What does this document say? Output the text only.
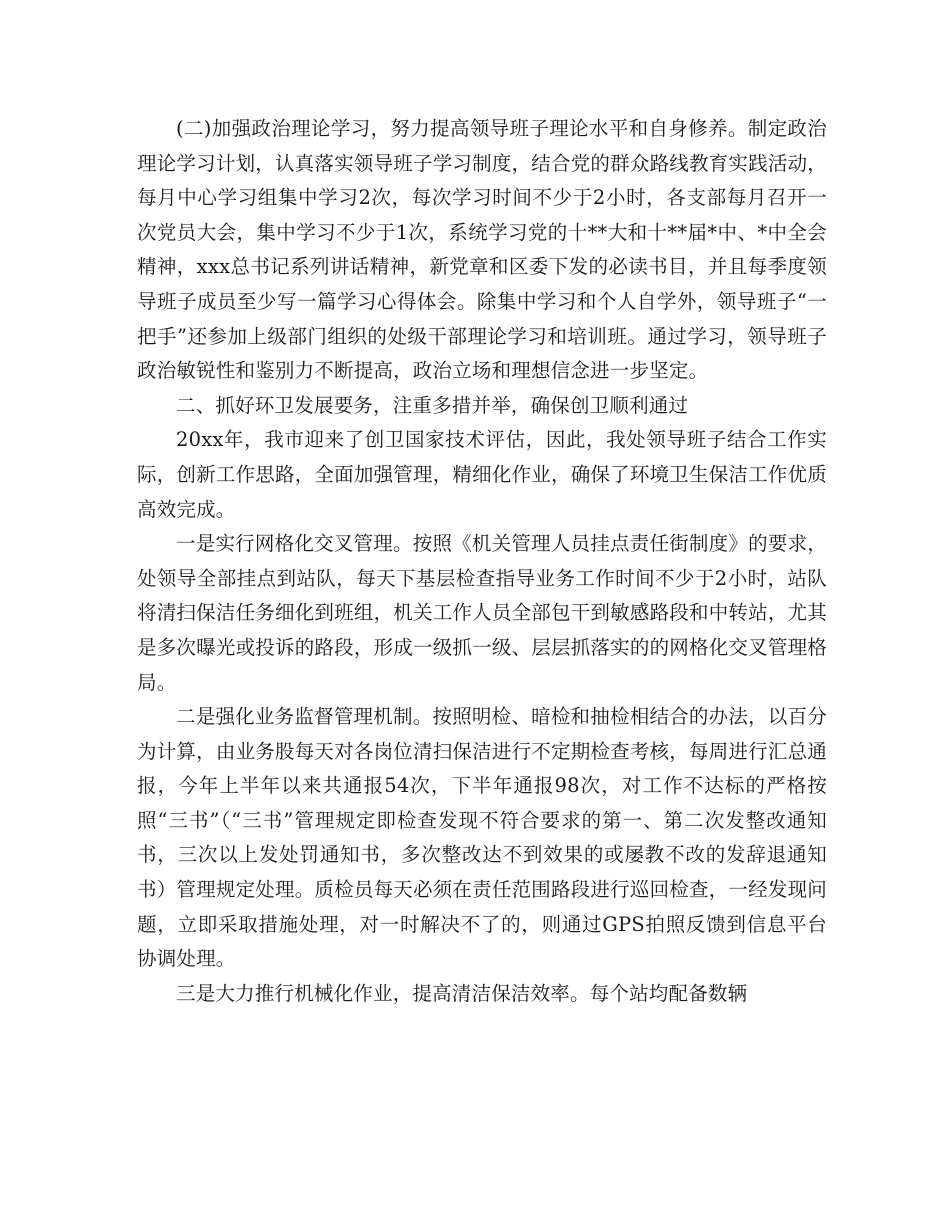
(二)加强政治理论学习，努力提高领导班子理论水平和自身修养。制定政治理论学习计划，认真落实领导班子学习制度，结合党的群众路线教育实践活动，每月中心学习组集中学习2次，每次学习时间不少于2小时，各支部每月召开一次党员大会，集中学习不少于1次，系统学习党的十**大和十**届*中、*中全会精神，xxx总书记系列讲话精神，新党章和区委下发的必读书目，并且每季度领导班子成员至少写一篇学习心得体会。除集中学习和个人自学外，领导班子“一把手”还参加上级部门组织的处级干部理论学习和培训班。通过学习，领导班子政治敏锐性和鉴别力不断提高，政治立场和理想信念进一步坚定。

二、抓好环卫发展要务，注重多措并举，确保创卫顺利通过

20xx年，我市迎来了创卫国家技术评估，因此，我处领导班子结合工作实际，创新工作思路，全面加强管理，精细化作业，确保了环境卫生保洁工作优质高效完成。

一是实行网格化交叉管理。按照《机关管理人员挂点责任街制度》的要求，处领导全部挂点到站队，每天下基层检查指导业务工作时间不少于2小时，站队将清扫保洁任务细化到班组，机关工作人员全部包干到敏感路段和中转站，尤其是多次曝光或投诉的路段，形成一级抓一级、层层抓落实的的网格化交叉管理格局。

二是强化业务监督管理机制。按照明检、暗检和抽检相结合的办法，以百分为计算，由业务股每天对各岗位清扫保洁进行不定期检查考核，每周进行汇总通报，今年上半年以来共通报54次，下半年通报98次，对工作不达标的严格按照“三书”（“三书”管理规定即检查发现不符合要求的第一、第二次发整改通知书，三次以上发处罚通知书，多次整改达不到效果的或屡教不改的发辞退通知书）管理规定处理。质检员每天必须在责任范围路段进行巡回检查，一经发现问题，立即采取措施处理，对一时解决不了的，则通过GPS拍照反馈到信息平台协调处理。

三是大力推行机械化作业，提高清洁保洁效率。每个站均配备数辆
